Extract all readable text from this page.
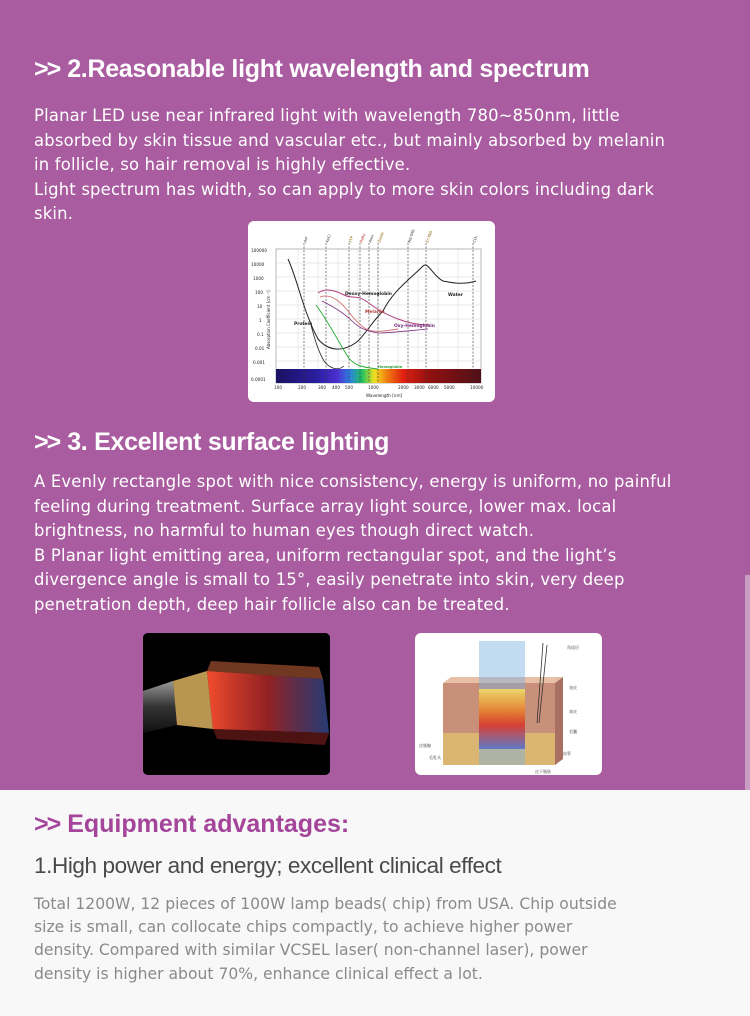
>> 2.Reasonable light wavelength and spectrum
Planar LED use near infrared light with wavelength 780~850nm, little
absorbed by skin tissue and vascular etc., but mainly absorbed by melanin
in follicle, so hair removal is highly effective.
Light spectrum has width, so can apply to more skin colors including dark
skin.
100000
10000
1000
100
10
1
0.1
0.01
0.001
0.0001
100	200	300 400 500	1000	2000 3000 6000 5000	10000
Wavelength [nm]
Absorption Coefficient [cm⁻¹]
ArF	XeCl	KTP Ruby Alex Diode	Nd:YAG Er:YAG	CO₂
Deoxy-Hemoglobin
Melanin
Oxy-Hemoglobin
Protein
Water
Hemoglobin
>> 3. Excellent surface lighting
A Evenly rectangle spot with nice consistency, energy is uniform, no painful
feeling during treatment. Surface array light source, lower max. local
brightness, no harmful to human eyes though direct watch.
B Planar light emitting area, uniform rectangular spot, and the light’s
divergence angle is small to 15°, easily penetrate into skin, very deep
penetration depth, deep hair follicle also can be treated.
角质层
表皮
真皮
毛囊
皮脂腺
毛乳头
皮下脂肪
血管
>> Equipment advantages:
1.High power and energy; excellent clinical effect
Total 1200W, 12 pieces of 100W lamp beads( chip) from USA. Chip outside
size is small, can collocate chips compactly, to achieve higher power
density. Compared with similar VCSEL laser( non-channel laser), power
density is higher about 70%, enhance clinical effect a lot.
